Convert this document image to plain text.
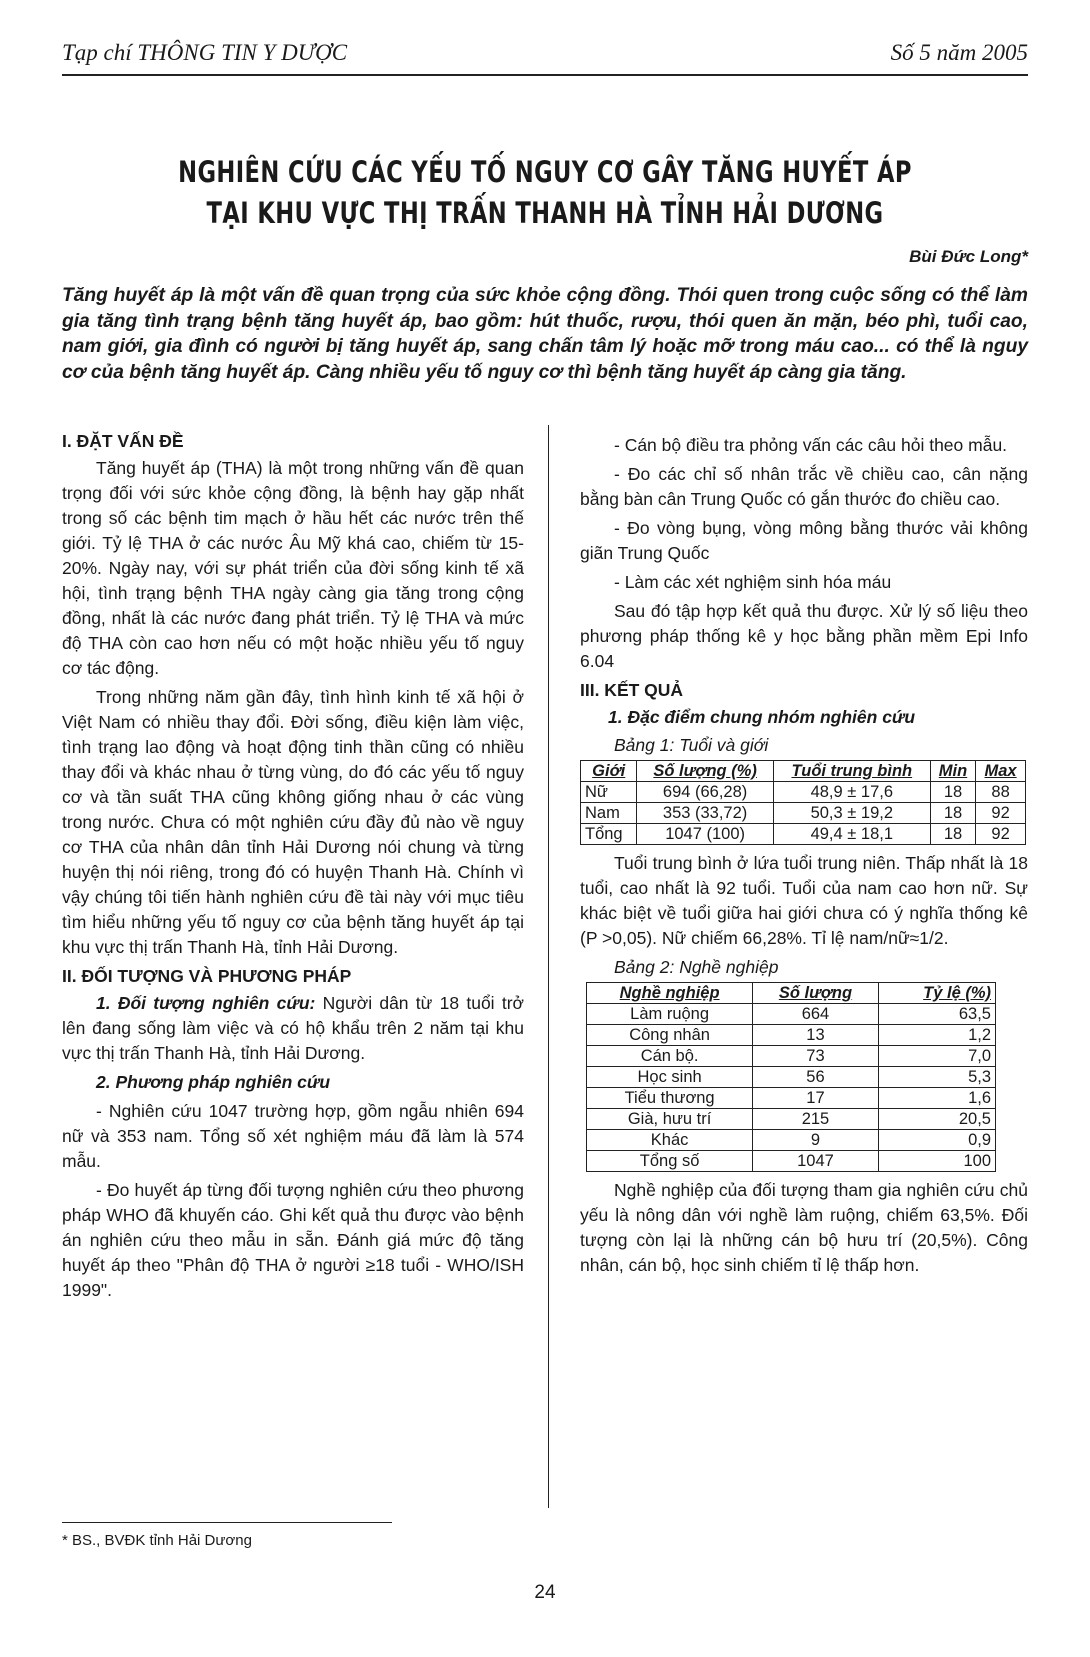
Tạp chí THÔNG TIN Y DƯỢC	Số 5 năm 2005
NGHIÊN CỨU CÁC YẾU TỐ NGUY CƠ GÂY TĂNG HUYẾT ÁP
TẠI KHU VỰC THỊ TRẤN THANH HÀ TỈNH HẢI DƯƠNG
Bùi Đức Long*
Tăng huyết áp là một vấn đề quan trọng của sức khỏe cộng đồng. Thói quen trong cuộc sống có thể làm gia tăng tình trạng bệnh tăng huyết áp, bao gồm: hút thuốc, rượu, thói quen ăn mặn, béo phì, tuổi cao, nam giới, gia đình có người bị tăng huyết áp, sang chấn tâm lý hoặc mỡ trong máu cao... có thể là nguy cơ của bệnh tăng huyết áp. Càng nhiều yếu tố nguy cơ thì bệnh tăng huyết áp càng gia tăng.
I. ĐẶT VẤN ĐỀ

Tăng huyết áp (THA) là một trong những vấn đề quan trọng đối với sức khỏe cộng đồng, là bệnh hay gặp nhất trong số các bệnh tim mạch ở hầu hết các nước trên thế giới. Tỷ lệ THA ở các nước Âu Mỹ khá cao, chiếm từ 15-20%. Ngày nay, với sự phát triển của đời sống kinh tế xã hội, tình trạng bệnh THA ngày càng gia tăng trong cộng đồng, nhất là các nước đang phát triển. Tỷ lệ THA và mức độ THA còn cao hơn nếu có một hoặc nhiều yếu tố nguy cơ tác động.

Trong những năm gần đây, tình hình kinh tế xã hội ở Việt Nam có nhiều thay đổi. Đời sống, điều kiện làm việc, tình trạng lao động và hoạt động tinh thần cũng có nhiều thay đổi và khác nhau ở từng vùng, do đó các yếu tố nguy cơ và tần suất THA cũng không giống nhau ở các vùng trong nước. Chưa có một nghiên cứu đầy đủ nào về nguy cơ THA của nhân dân tỉnh Hải Dương nói chung và từng huyện thị nói riêng, trong đó có huyện Thanh Hà. Chính vì vậy chúng tôi tiến hành nghiên cứu đề tài này với mục tiêu tìm hiểu những yếu tố nguy cơ của bệnh tăng huyết áp tại khu vực thị trấn Thanh Hà, tỉnh Hải Dương.

II. ĐỐI TƯỢNG VÀ PHƯƠNG PHÁP

1. Đối tượng nghiên cứu: Người dân từ 18 tuổi trở lên đang sống làm việc và có hộ khẩu trên 2 năm tại khu vực thị trấn Thanh Hà, tỉnh Hải Dương.

2. Phương pháp nghiên cứu

- Nghiên cứu 1047 trường hợp, gồm ngẫu nhiên 694 nữ và 353 nam. Tổng số xét nghiệm máu đã làm là 574 mẫu.

- Đo huyết áp từng đối tượng nghiên cứu theo phương pháp WHO đã khuyến cáo. Ghi kết quả thu được vào bệnh án nghiên cứu theo mẫu in sẵn. Đánh giá mức độ tăng huyết áp theo "Phân độ THA ở người ≥18 tuổi - WHO/ISH 1999".

- Cán bộ điều tra phỏng vấn các câu hỏi theo mẫu.

- Đo các chỉ số nhân trắc về chiều cao, cân nặng bằng bàn cân Trung Quốc có gắn thước đo chiều cao.

- Đo vòng bụng, vòng mông bằng thước vải không giãn Trung Quốc

- Làm các xét nghiệm sinh hóa máu

Sau đó tập hợp kết quả thu được. Xử lý số liệu theo phương pháp thống kê y học bằng phần mềm Epi Info 6.04

III. KẾT QUẢ

1. Đặc điểm chung nhóm nghiên cứu

Bảng 1: Tuổi và giới

Giới	Số lượng (%)	Tuổi trung bình	Min	Max
Nữ	694 (66,28)	48,9 ± 17,6	18	88
Nam	353 (33,72)	50,3 ± 19,2	18	92
Tổng	1047 (100)	49,4 ± 18,1	18	92

Tuổi trung bình ở lứa tuổi trung niên. Thấp nhất là 18 tuổi, cao nhất là 92 tuổi. Tuổi của nam cao hơn nữ. Sự khác biệt về tuổi giữa hai giới chưa có ý nghĩa thống kê (P >0,05). Nữ chiếm 66,28%. Tỉ lệ nam/nữ≈1/2.

Bảng 2: Nghề nghiệp

Nghề nghiệp	Số lượng	Tỷ lệ (%)
Làm ruộng	664	63,5
Công nhân	13	1,2
Cán bộ.	73	7,0
Học sinh	56	5,3
Tiểu thương	17	1,6
Già, hưu trí	215	20,5
Khác	9	0,9
Tổng số	1047	100

Nghề nghiệp của đối tượng tham gia nghiên cứu chủ yếu là nông dân với nghề làm ruộng, chiếm 63,5%. Đối tượng còn lại là những cán bộ hưu trí (20,5%). Công nhân, cán bộ, học sinh chiếm tỉ lệ thấp hơn.

* BS., BVĐK tỉnh Hải Dương
24
